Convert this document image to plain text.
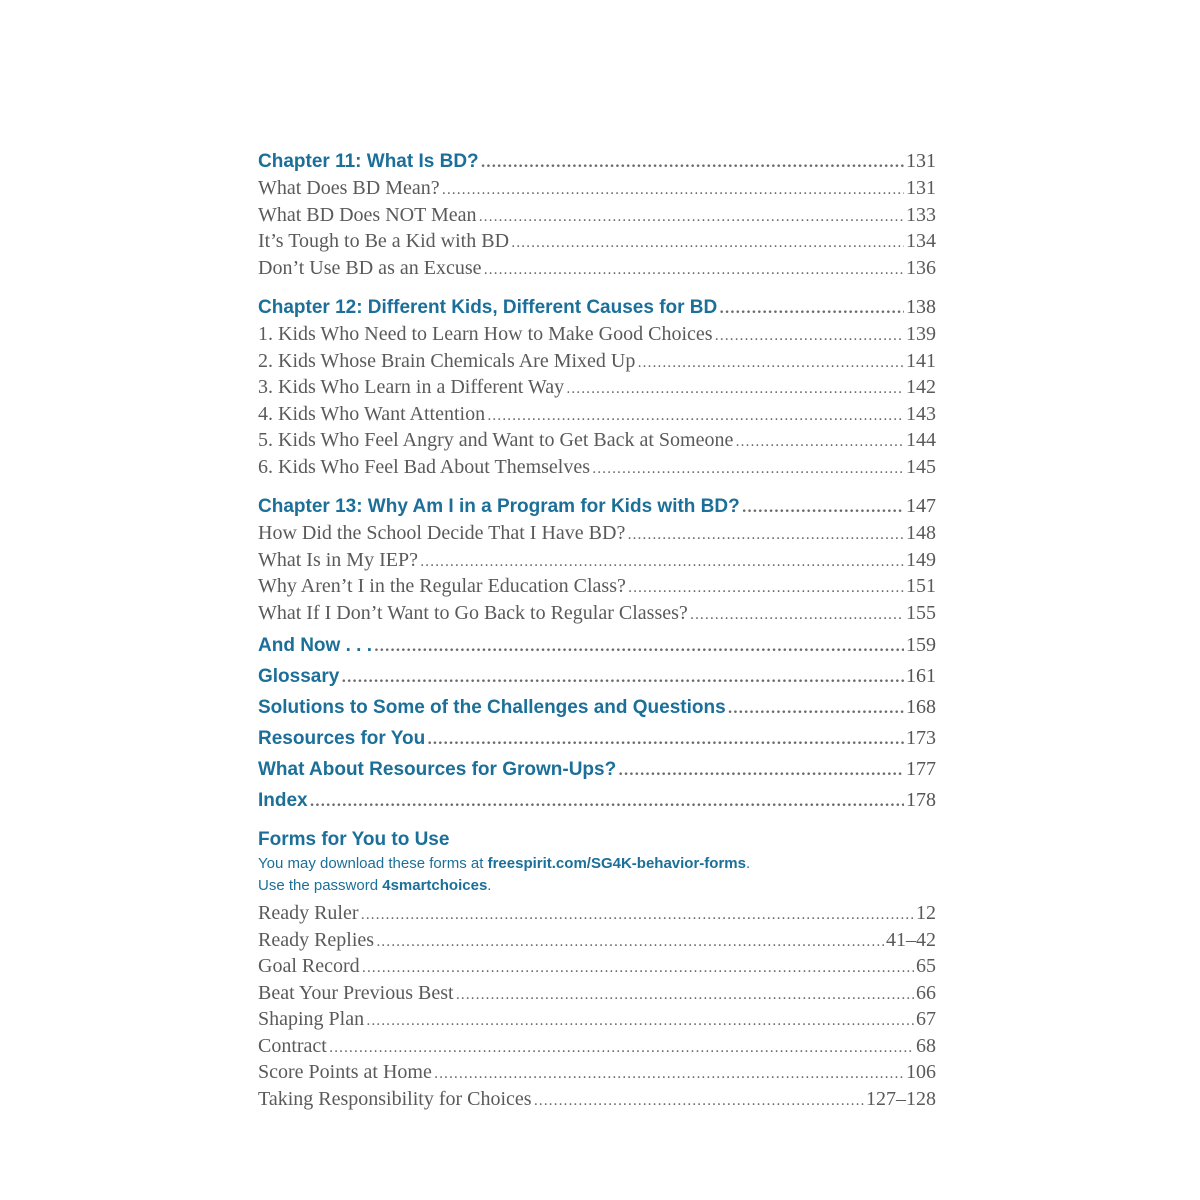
Chapter 11: What Is BD? .....	131
What Does BD Mean? .....	131
What BD Does NOT Mean .....	133
It’s Tough to Be a Kid with BD .....	134
Don’t Use BD as an Excuse .....	136
Chapter 12: Different Kids, Different Causes for BD .....	138
1. Kids Who Need to Learn How to Make Good Choices .....	139
2. Kids Whose Brain Chemicals Are Mixed Up .....	141
3. Kids Who Learn in a Different Way .....	142
4. Kids Who Want Attention .....	143
5. Kids Who Feel Angry and Want to Get Back at Someone .....	144
6. Kids Who Feel Bad About Themselves .....	145
Chapter 13: Why Am I in a Program for Kids with BD? .....	147
How Did the School Decide That I Have BD? .....	148
What Is in My IEP? .....	149
Why Aren’t I in the Regular Education Class? .....	151
What If I Don’t Want to Go Back to Regular Classes? .....	155
And Now . . . .....	159
Glossary .....	161
Solutions to Some of the Challenges and Questions .....	168
Resources for You .....	173
What About Resources for Grown-Ups? .....	177
Index .....	178
Forms for You to Use
You may download these forms at freespirit.com/SG4K-behavior-forms.
Use the password 4smartchoices.
Ready Ruler .....	12
Ready Replies .....	41–42
Goal Record .....	65
Beat Your Previous Best .....	66
Shaping Plan .....	67
Contract .....	68
Score Points at Home .....	106
Taking Responsibility for Choices .....	127–128
